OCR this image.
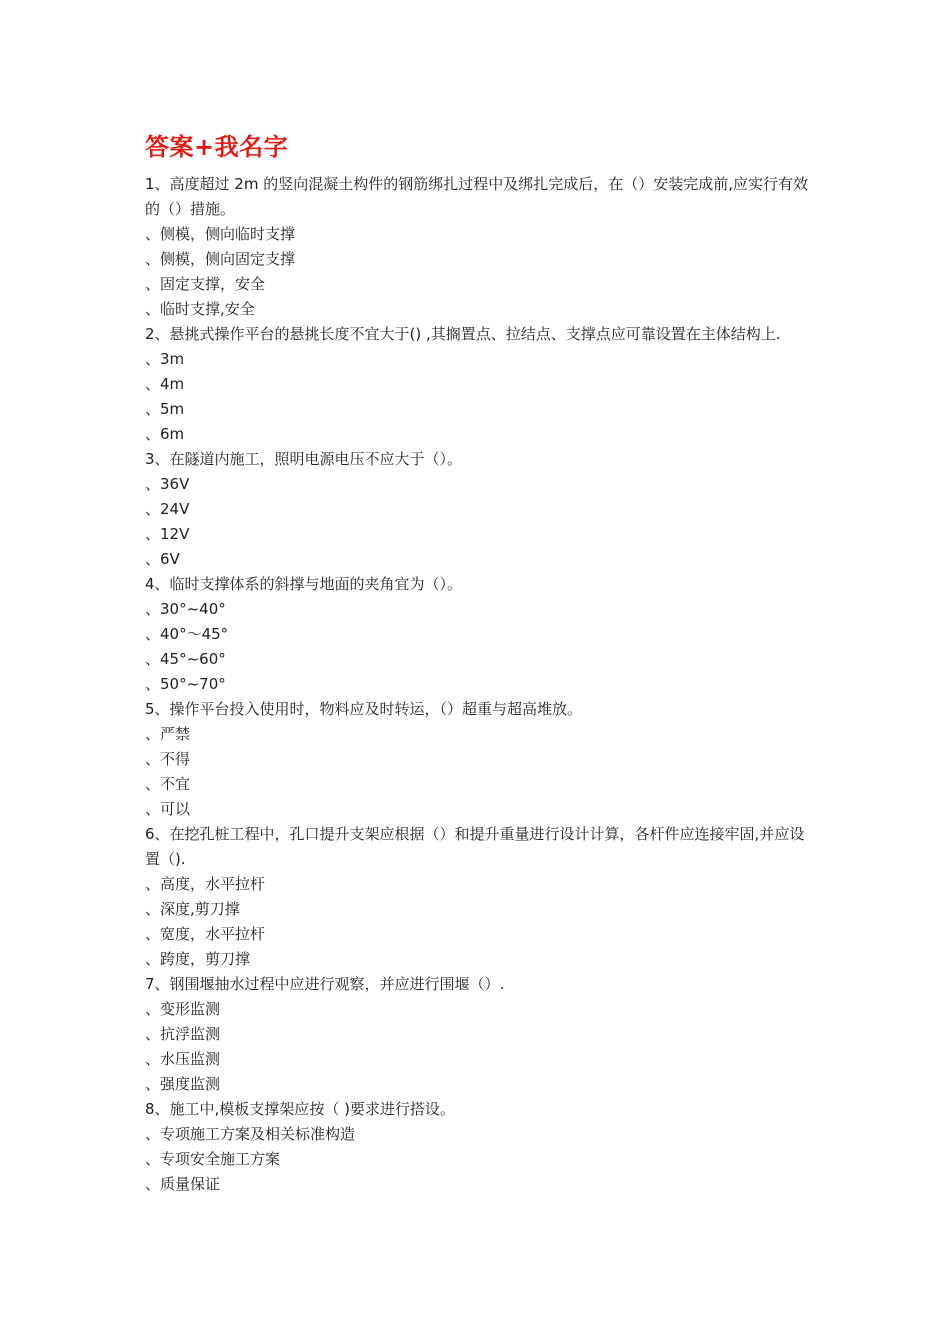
答案+我名字

1、高度超过 2m 的竖向混凝土构件的钢筋绑扎过程中及绑扎完成后，在（）安装完成前,应实行有效的（）措施。

、侧模，侧向临时支撑

、侧模，侧向固定支撑

、固定支撑，安全

、临时支撑,安全

2、悬挑式操作平台的悬挑长度不宜大于() ,其搁置点、拉结点、支撑点应可靠设置在主体结构上.

、3m

、4m

、5m

、6m

3、在隧道内施工，照明电源电压不应大于（）。

、36V

、24V

、12V

、6V

4、临时支撑体系的斜撑与地面的夹角宜为（）。

、30°~40°

、40°～45°

、45°~60°

、50°~70°

5、操作平台投入使用时，物料应及时转运，（）超重与超高堆放。

、严禁

、不得

、不宜

、可以

6、在挖孔桩工程中，孔口提升支架应根据（）和提升重量进行设计计算，各杆件应连接牢固,并应设置（).

、高度，水平拉杆

、深度,剪刀撑

、宽度，水平拉杆

、跨度，剪刀撑

7、钢围堰抽水过程中应进行观察，并应进行围堰（）.

、变形监测

、抗浮监测

、水压监测

、强度监测

8、施工中,模板支撑架应按（ )要求进行搭设。

、专项施工方案及相关标准构造

、专项安全施工方案

、质量保证
